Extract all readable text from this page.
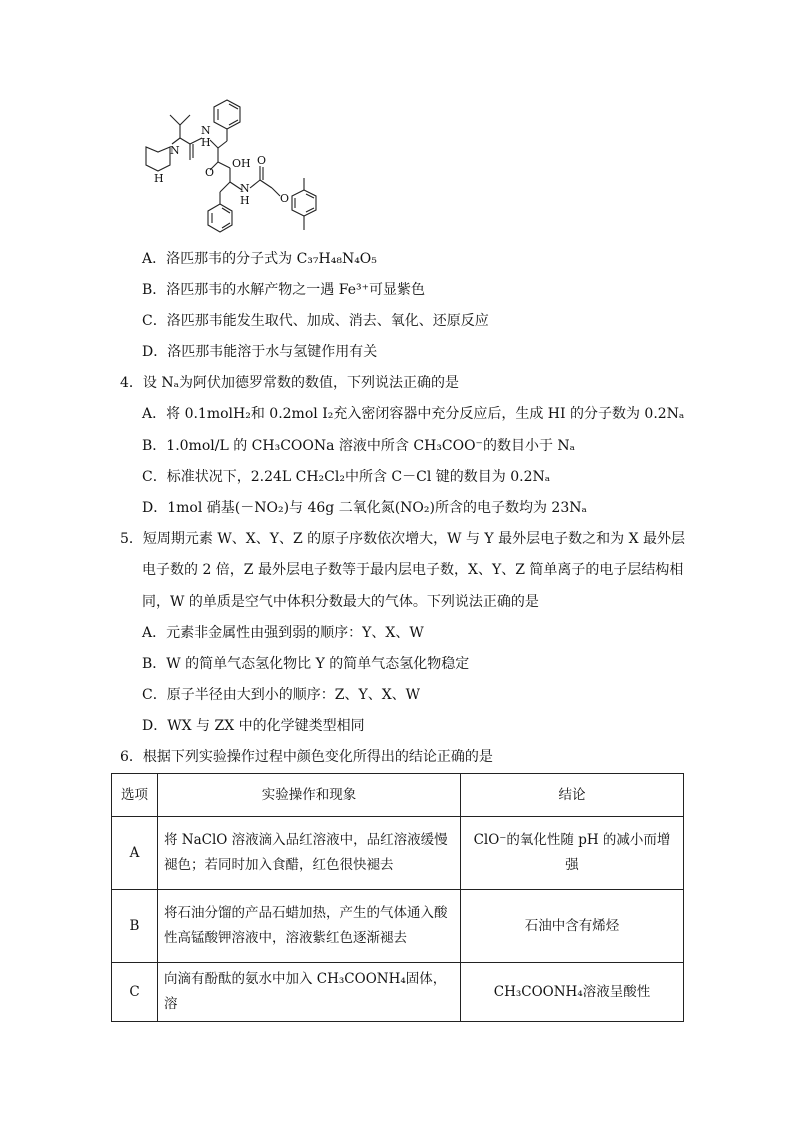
N
H
N
H
OH
N
H
O
O
O
A．洛匹那韦的分子式为 C₃₇H₄₈N₄O₅
B．洛匹那韦的水解产物之一遇 Fe³⁺可显紫色
C．洛匹那韦能发生取代、加成、消去、氧化、还原反应
D．洛匹那韦能溶于水与氢键作用有关
4．设 Nₐ为阿伏加德罗常数的数值，下列说法正确的是
A．将 0.1molH₂和 0.2mol I₂充入密闭容器中充分反应后，生成 HI 的分子数为 0.2Nₐ
B．1.0mol/L 的 CH₃COONa 溶液中所含 CH₃COO⁻的数目小于 Nₐ
C．标准状况下，2.24L CH₂Cl₂中所含 C－Cl 键的数目为 0.2Nₐ
D．1mol 硝基(－NO₂)与 46g 二氧化氮(NO₂)所含的电子数均为 23Nₐ
5．短周期元素 W、X、Y、Z 的原子序数依次增大，W 与 Y 最外层电子数之和为 X 最外层
电子数的 2 倍，Z 最外层电子数等于最内层电子数，X、Y、Z 简单离子的电子层结构相
同，W 的单质是空气中体积分数最大的气体。下列说法正确的是
A．元素非金属性由强到弱的顺序：Y、X、W
B．W 的简单气态氢化物比 Y 的简单气态氢化物稳定
C．原子半径由大到小的顺序：Z、Y、X、W
D．WX 与 ZX 中的化学键类型相同
6．根据下列实验操作过程中颜色变化所得出的结论正确的是
选项	实验操作和现象	结论
A	将 NaClO 溶液滴入品红溶液中，品红溶液缓慢褪色；若同时加入食醋，红色很快褪去	ClO⁻的氧化性随 pH 的减小而增强
B	将石油分馏的产品石蜡加热，产生的气体通入酸性高锰酸钾溶液中，溶液紫红色逐渐褪去	石油中含有烯烃
C	向滴有酚酞的氨水中加入 CH₃COONH₄固体，溶	CH₃COONH₄溶液呈酸性
